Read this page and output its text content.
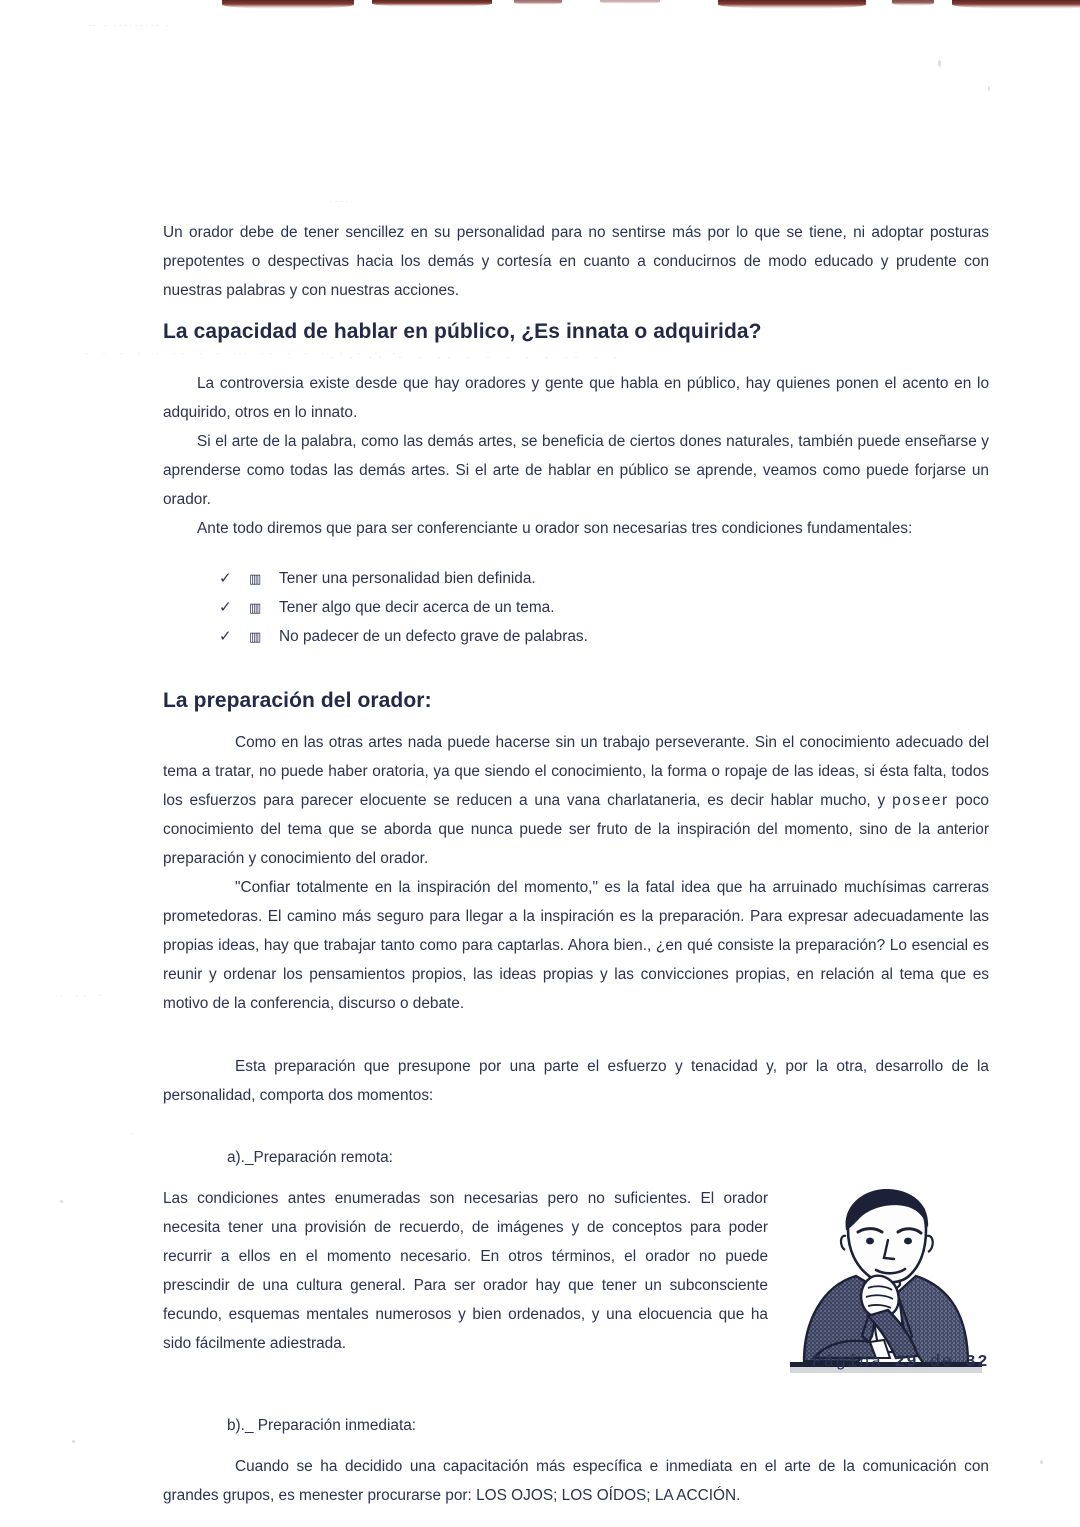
·· · ········· ·
· · · · · ·· · · ·· ·· · · · · · · ·
· · ·· · · ·· · · · · · ·· · ·
····
· ·· ·
·

Un orador debe de tener sencillez en su personalidad para no sentirse más por lo que se tiene, ni adoptar posturas prepotentes o despectivas hacia los demás y cortesía en cuanto a conducirnos de modo educado y prudente con nuestras palabras y con nuestras acciones.

La capacidad de hablar en público, ¿Es innata o adquirida?

La controversia existe desde que hay oradores y gente que habla en público, hay quienes ponen el acento en lo adquirido, otros en lo innato.

Si el arte de la palabra, como las demás artes, se beneficia de ciertos dones naturales, también puede enseñarse y aprenderse como todas las demás artes. Si el arte de hablar en público se aprende, veamos como puede forjarse un orador.

Ante todo diremos que para ser conferenciante u orador son necesarias tres condiciones fundamentales:

✓	▥	Tener una personalidad bien definida.
✓	▥	Tener algo que decir acerca de un tema.
✓	▥	No padecer de un defecto grave de palabras.
La preparación del orador:

Como en las otras artes nada puede hacerse sin un trabajo perseverante. Sin el conocimiento adecuado del tema a tratar, no puede haber oratoria, ya que siendo el conocimiento, la forma o ropaje de las ideas, si ésta falta, todos los esfuerzos para parecer elocuente se reducen a una vana charlataneria, es decir hablar mucho, y poseer poco conocimiento del tema que se aborda que nunca puede ser fruto de la inspiración del momento, sino de la anterior preparación y conocimiento del orador.

"Confiar totalmente en la inspiración del momento," es la fatal idea que ha arruinado muchísimas carreras prometedoras. El camino más seguro para llegar a la inspiración es la preparación. Para expresar adecuadamente las propias ideas, hay que trabajar tanto como para captarlas. Ahora bien., ¿en qué consiste la preparación? Lo esencial es reunir y ordenar los pensamientos propios, las ideas propias y las convicciones propias, en relación al tema que es motivo de la conferencia, discurso o debate.

Esta preparación que presupone por una parte el esfuerzo y tenacidad y, por la otra, desarrollo de la personalidad, comporta dos momentos:

a)._Preparación remota:

Las condiciones antes enumeradas son necesarias pero no suficientes. El orador necesita tener una provisión de recuerdo, de imágenes y de conceptos para poder recurrir a ellos en el momento necesario. En otros términos, el orador no puede prescindir de una cultura general. Para ser orador hay que tener un subconsciente fecundo, esquemas mentales numerosos y bien ordenados, y una elocuencia que ha sido fácilmente adiestrada.

b)._ Preparación inmediata:

Cuando se ha decidido una capacitación más específica e inmediata en el arte de la comunicación con grandes grupos, es menester procurarse por: LOS OJOS; LOS OÍDOS; LA ACCIÓN.

Página 29 de 32
